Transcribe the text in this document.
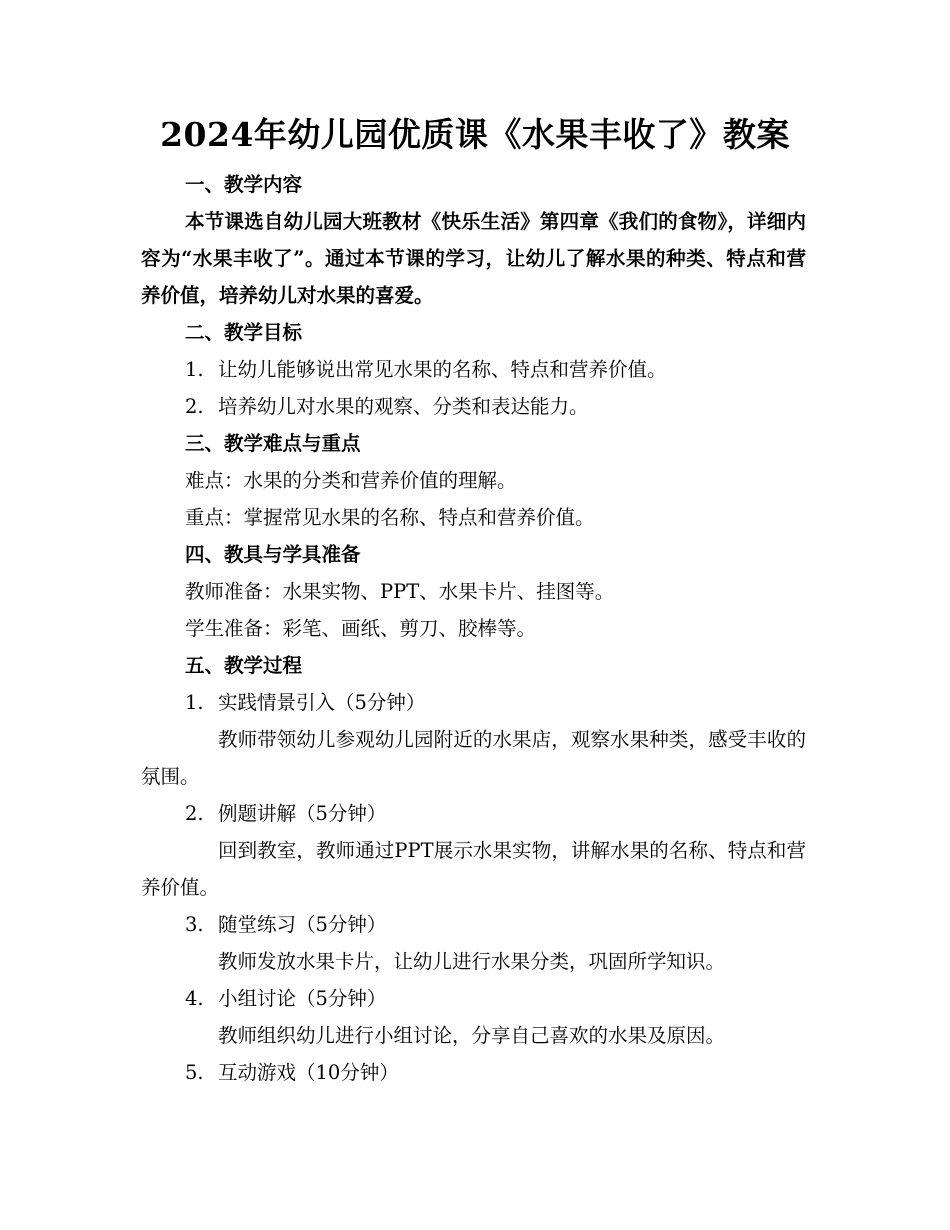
2024年幼儿园优质课《水果丰收了》教案
一、教学内容
本节课选自幼儿园大班教材《快乐生活》第四章《我们的食物》，详细内容为“水果丰收了”。通过本节课的学习，让幼儿了解水果的种类、特点和营养价值，培养幼儿对水果的喜爱。
二、教学目标
1. 让幼儿能够说出常见水果的名称、特点和营养价值。
2. 培养幼儿对水果的观察、分类和表达能力。
三、教学难点与重点
难点：水果的分类和营养价值的理解。
重点：掌握常见水果的名称、特点和营养价值。
四、教具与学具准备
教师准备：水果实物、PPT、水果卡片、挂图等。
学生准备：彩笔、画纸、剪刀、胶棒等。
五、教学过程
1. 实践情景引入（5分钟）
教师带领幼儿参观幼儿园附近的水果店，观察水果种类，感受丰收的氛围。
2. 例题讲解（5分钟）
回到教室，教师通过PPT展示水果实物，讲解水果的名称、特点和营养价值。
3. 随堂练习（5分钟）
教师发放水果卡片，让幼儿进行水果分类，巩固所学知识。
4. 小组讨论（5分钟）
教师组织幼儿进行小组讨论，分享自己喜欢的水果及原因。
5. 互动游戏（10分钟）
